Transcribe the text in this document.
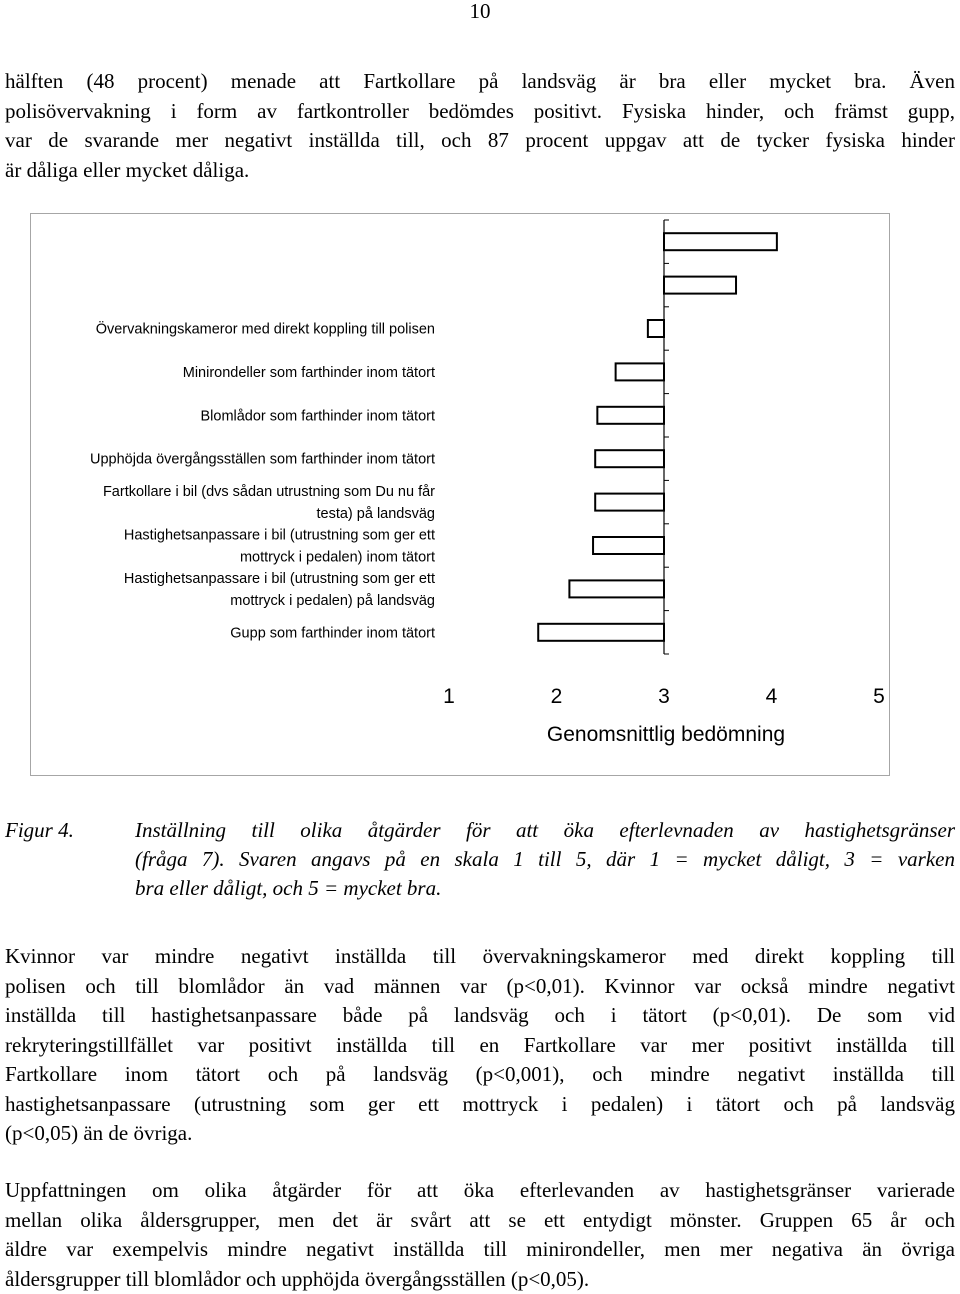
10

hälften (48 procent) menade att Fartkollare på landsväg är bra eller mycket bra. Även
polisövervakning i form av fartkontroller bedömdes positivt. Fysiska hinder, och främst gupp,
var de svarande mer negativt inställda till, och 87 procent uppgav att de tycker fysiska hinder
är dåliga eller mycket dåliga.

Övervakningskameror med direkt koppling till polisen
Minirondeller som farthinder inom tätort
Blomlådor som farthinder inom tätort
Upphöjda övergångsställen som farthinder inom tätort
Fartkollare i bil (dvs sådan utrustning som Du nu får
testa) på landsväg
Hastighetsanpassare i bil (utrustning som ger ett
mottryck i pedalen) inom tätort
Hastighetsanpassare i bil (utrustning som ger ett
mottryck i pedalen) på landsväg
Gupp som farthinder inom tätort
1	2	3	4	5
Genomsnittlig bedömning
Figur 4.	Inställning till olika åtgärder för att öka efterlevnaden av hastighetsgränser
(fråga 7). Svaren angavs på en skala 1 till 5, där 1 = mycket dåligt, 3 = varken
bra eller dåligt, och 5 = mycket bra.

Kvinnor var mindre negativt inställda till övervakningskameror med direkt koppling till
polisen och till blomlådor än vad männen var (p<0,01). Kvinnor var också mindre negativt
inställda till hastighetsanpassare både på landsväg och i tätort (p<0,01). De som vid
rekryteringstillfället var positivt inställda till en Fartkollare var mer positivt inställda till
Fartkollare inom tätort och på landsväg (p<0,001), och mindre negativt inställda till
hastighetsanpassare (utrustning som ger ett mottryck i pedalen) i tätort och på landsväg
(p<0,05) än de övriga.

Uppfattningen om olika åtgärder för att öka efterlevanden av hastighetsgränser varierade
mellan olika åldersgrupper, men det är svårt att se ett entydigt mönster. Gruppen 65 år och
äldre var exempelvis mindre negativt inställda till minirondeller, men mer negativa än övriga
åldersgrupper till blomlådor och upphöjda övergångsställen (p<0,05).
